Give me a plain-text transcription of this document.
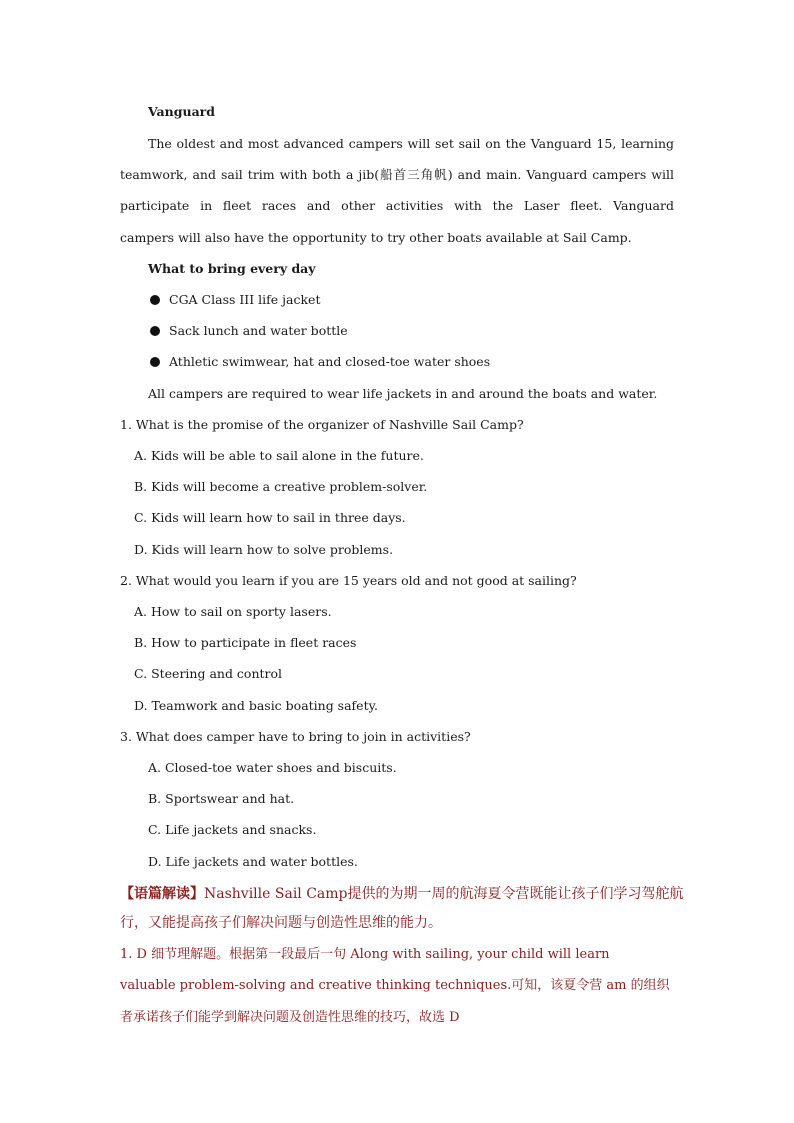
Vanguard
The oldest and most advanced campers will set sail on the Vanguard 15, learning
teamwork, and sail trim with both a jib(船首三角帆) and main. Vanguard campers will
participate in fleet races and other activities with the Laser fleet. Vanguard
campers will also have the opportunity to try other boats available at Sail Camp.
What to bring every day
CGA Class III life jacket
Sack lunch and water bottle
Athletic swimwear, hat and closed-toe water shoes
All campers are required to wear life jackets in and around the boats and water.
1. What is the promise of the organizer of Nashville Sail Camp?
A. Kids will be able to sail alone in the future.
B. Kids will become a creative problem-solver.
C. Kids will learn how to sail in three days.
D. Kids will learn how to solve problems.
2. What would you learn if you are 15 years old and not good at sailing?
A. How to sail on sporty lasers.
B. How to participate in fleet races
C. Steering and control
D. Teamwork and basic boating safety.
3. What does camper have to bring to join in activities?
A. Closed-toe water shoes and biscuits.
B. Sportswear and hat.
C. Life jackets and snacks.
D. Life jackets and water bottles.
【语篇解读】Nashville Sail Camp提供的为期一周的航海夏令营既能让孩子们学习驾舵航
行，又能提高孩子们解决问题与创造性思维的能力。
1. D 细节理解题。根据第一段最后一句 Along with sailing, your child will learn
valuable problem-solving and creative thinking techniques.可知，该夏令营 am 的组织
者承诺孩子们能学到解决问题及创造性思维的技巧，故选 D
